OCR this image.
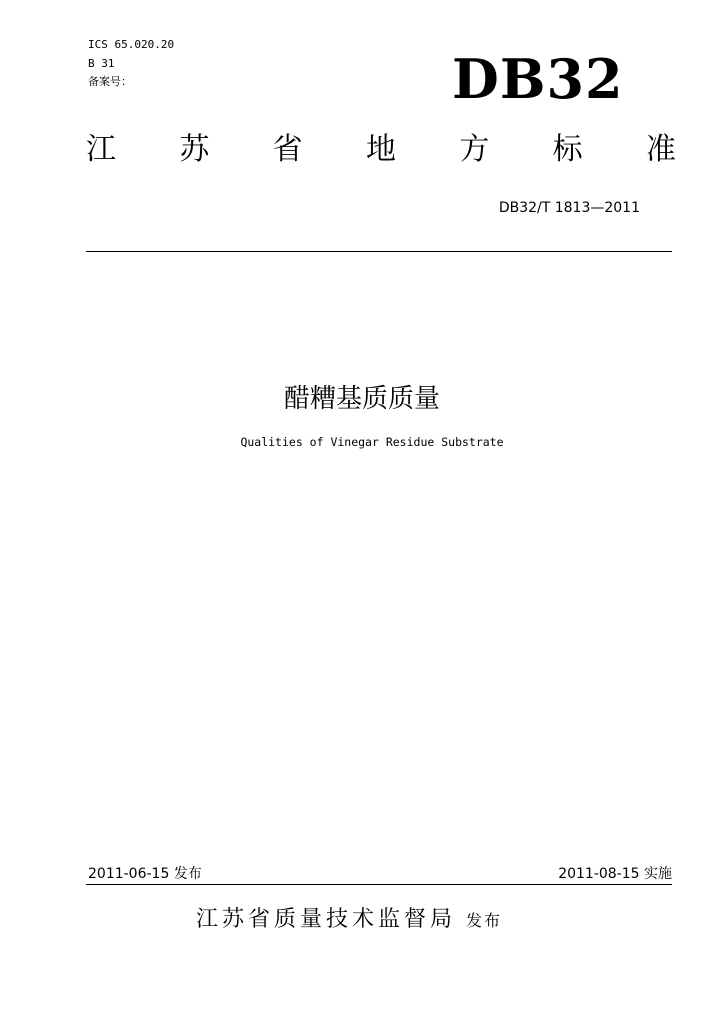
ICS 65.020.20
B 31
备案号：	DB32
江 苏 省 地 方 标 准
DB32/T 1813—2011
醋糟基质质量
Qualities of Vinegar Residue Substrate
2011-06-15 发布	2011-08-15 实施
江苏省质量技术监督局 发布
